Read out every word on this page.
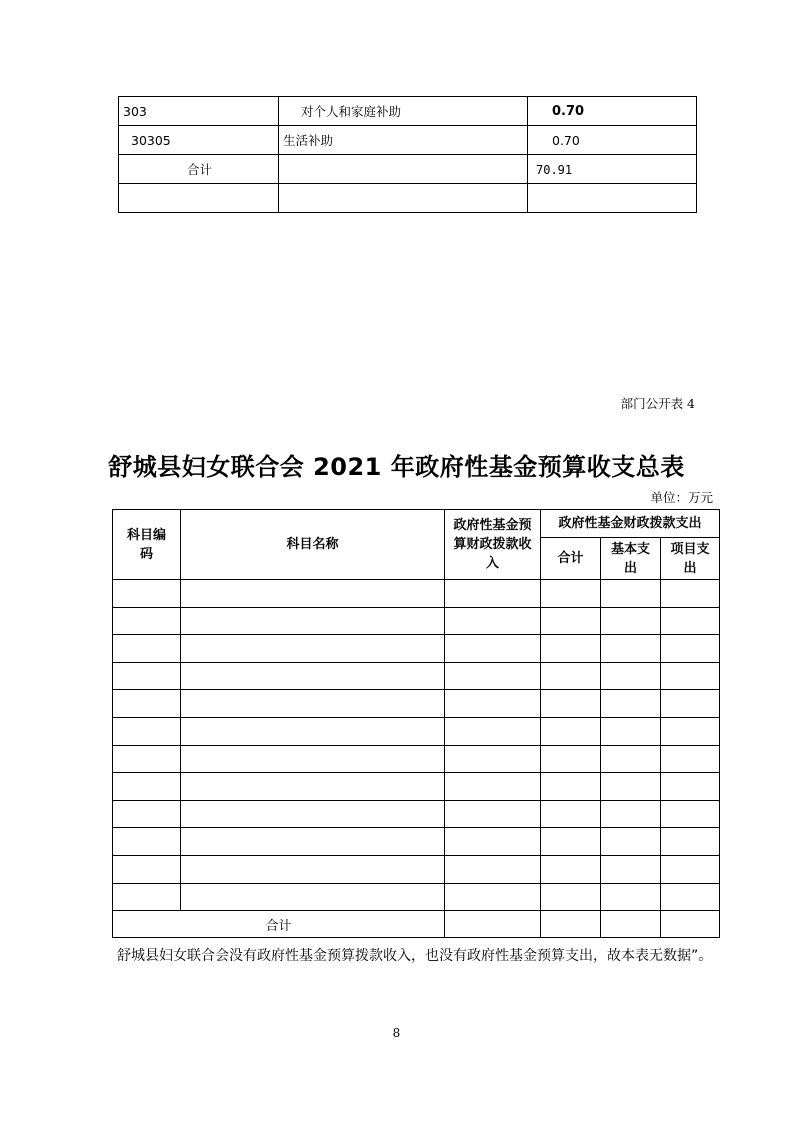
303	对个人和家庭补助	0.70
30305	生活补助	0.70
合计		70.91

部门公开表 4
舒城县妇女联合会 2021 年政府性基金预算收支总表
单位：万元
科目编码	科目名称	政府性基金预算财政拨款收入	政府性基金财政拨款支出		
			合计	基本支出	项目支出

合计					
舒城县妇女联合会没有政府性基金预算拨款收入，也没有政府性基金预算支出，故本表无数据”。
8
